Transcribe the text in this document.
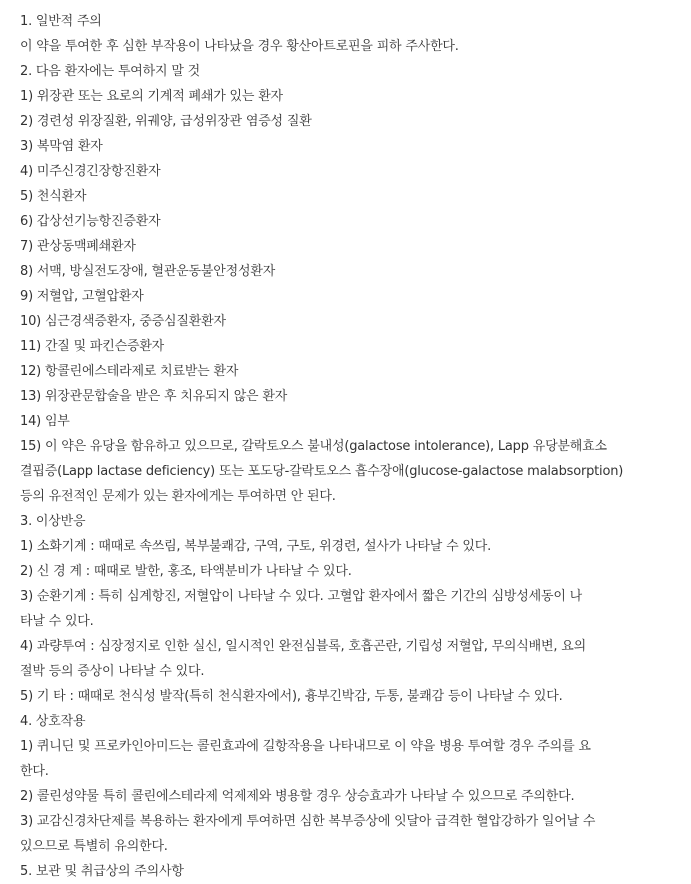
1. 일반적 주의
이 약을 투여한 후 심한 부작용이 나타났을 경우 황산아트로핀을 피하 주사한다.
2. 다음 환자에는 투여하지 말 것
1) 위장관 또는 요로의 기계적 폐쇄가 있는 환자
2) 경련성 위장질환, 위궤양, 급성위장관 염증성 질환
3) 복막염 환자
4) 미주신경긴장항진환자
5) 천식환자
6) 갑상선기능항진증환자
7) 관상동맥폐쇄환자
8) 서맥, 방실전도장애, 혈관운동불안정성환자
9) 저혈압, 고혈압환자
10) 심근경색증환자, 중증심질환환자
11) 간질 및 파킨슨증환자
12) 항콜린에스테라제로 치료받는 환자
13) 위장관문합술을 받은 후 치유되지 않은 환자
14) 임부
15) 이 약은 유당을 함유하고 있으므로, 갈락토오스 불내성(galactose intolerance), Lapp 유당분해효소
결핍증(Lapp lactase deficiency) 또는 포도당-갈락토오스 흡수장애(glucose-galactose malabsorption)
등의 유전적인 문제가 있는 환자에게는 투여하면 안 된다.
3. 이상반응
1) 소화기계 : 때때로 속쓰림, 복부불쾌감, 구역, 구토, 위경련, 설사가 나타날 수 있다.
2) 신 경 계 : 때때로 발한, 홍조, 타액분비가 나타날 수 있다.
3) 순환기계 : 특히 심계항진, 저혈압이 나타날 수 있다. 고혈압 환자에서 짧은 기간의 심방성세동이 나
타날 수 있다.
4) 과량투여 : 심장정지로 인한 실신, 일시적인 완전심블록, 호흡곤란, 기립성 저혈압, 무의식배변, 요의
절박 등의 증상이 나타날 수 있다.
5) 기 타 : 때때로 천식성 발작(특히 천식환자에서), 흉부긴박감, 두통, 불쾌감 등이 나타날 수 있다.
4. 상호작용
1) 퀴니딘 및 프로카인아미드는 콜린효과에 길항작용을 나타내므로 이 약을 병용 투여할 경우 주의를 요
한다.
2) 콜린성약물 특히 콜린에스테라제 억제제와 병용할 경우 상승효과가 나타날 수 있으므로 주의한다.
3) 교감신경차단제를 복용하는 환자에게 투여하면 심한 복부증상에 잇달아 급격한 혈압강하가 일어날 수
있으므로 특별히 유의한다.
5. 보관 및 취급상의 주의사항
